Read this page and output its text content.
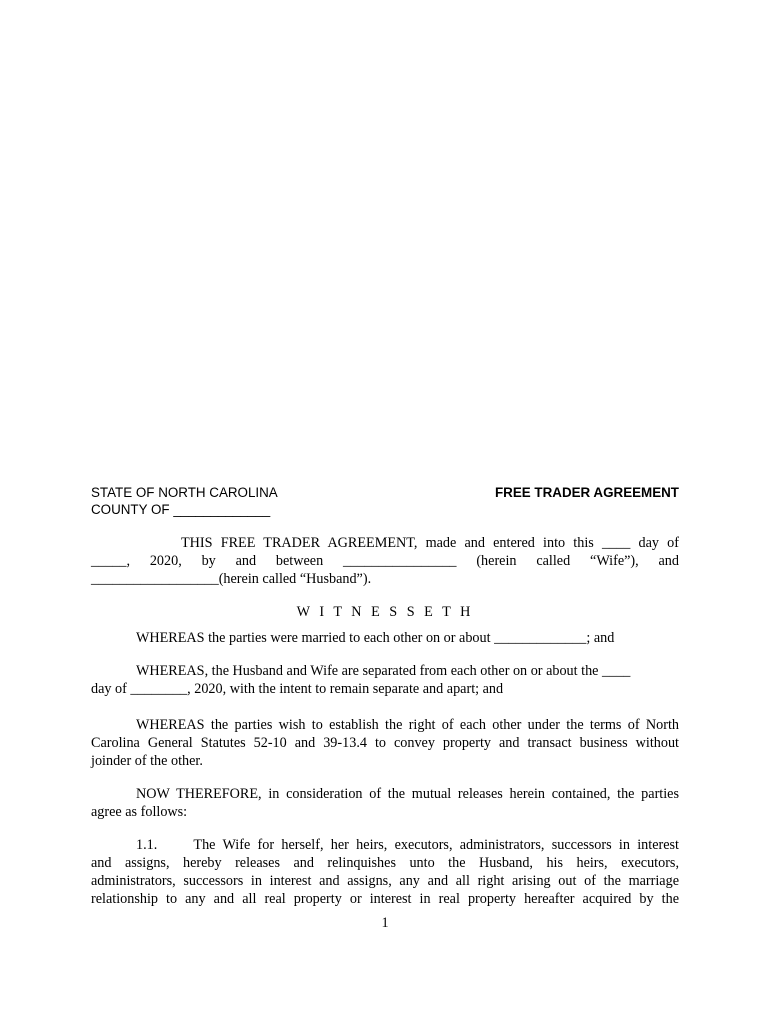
STATE OF NORTH CAROLINA
COUNTY OF _____________
FREE TRADER AGREEMENT
THIS FREE TRADER AGREEMENT, made and entered into this ____ day of
_____, 2020, by and between ________________ (herein called “Wife”), and
__________________(herein called “Husband”).
W I T N E S S E T H
WHEREAS the parties were married to each other on or about _____________; and
WHEREAS, the Husband and Wife are separated from each other on or about the ____
day of ________, 2020, with the intent to remain separate and apart; and
WHEREAS the parties wish to establish the right of each other under the terms of North
Carolina General Statutes 52-10 and 39-13.4 to convey property and transact business without
joinder of the other.
NOW THEREFORE, in consideration of the mutual releases herein contained, the parties
agree as follows:
1.1.     The Wife for herself, her heirs, executors, administrators, successors in interest
and assigns, hereby releases and relinquishes unto the Husband, his heirs, executors,
administrators, successors in interest and assigns, any and all right arising out of the marriage
relationship to any and all real property or interest in real property hereafter acquired by the
1
